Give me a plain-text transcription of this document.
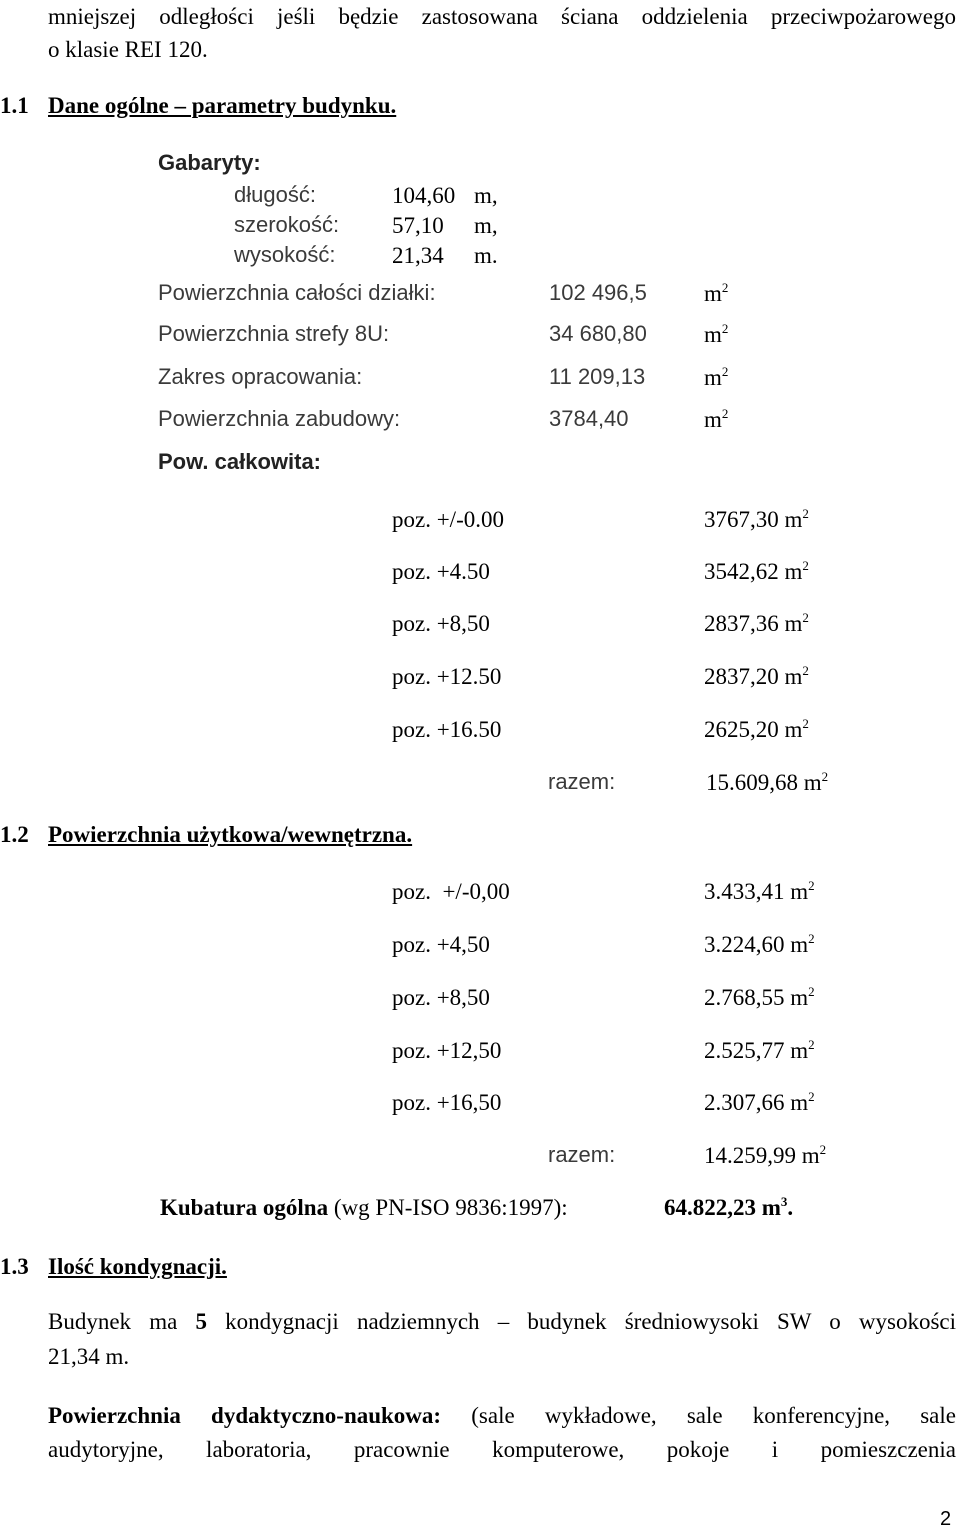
mniejszej odległości jeśli będzie zastosowana ściana oddzielenia przeciwpożarowego
o klasie REI 120.
1.1 Dane ogólne – parametry budynku.
Gabaryty:
długość:	104,60 m,
szerokość: 57,10 m,
wysokość: 21,34 m.
Powierzchnia całości działki:	102 496,5 $m^2$
Powierzchnia strefy 8U:	34 680,80 $m^2$
Zakres opracowania:	11 209,13	$m^2$
Powierzchnia zabudowy:	3784,40	$m^2$
Pow. całkowita:
poz. +/-0.00	3767,30 $m^2$
poz. +4.50	3542,62 $m^2$
poz. +8,50	2837,36 $m^2$
poz. +12.50	2837,20 $m^2$
poz. +16.50	2625,20 $m^2$
razem:	15.609,68 $m^2$
1.2 Powierzchnia użytkowa/wewnętrzna.
poz.  +/-0,00	3.433,41 $m^2$
poz. +4,50	3.224,60 $m^2$
poz. +8,50	2.768,55 $m^2$
poz. +12,50	2.525,77 $m^2$
poz. +16,50	2.307,66 $m^2$
razem:	14.259,99 $m^2$
Kubatura ogólna (wg PN-ISO 9836:1997):	64.822,23 $m^3$.
1.3 Ilość kondygnacji.
Budynek ma 5 kondygnacji nadziemnych – budynek średniowysoki SW o wysokości
21,34 m.
Powierzchnia dydaktyczno-naukowa: (sale wykładowe, sale konferencyjne, sale
audytoryjne, laboratoria, pracownie komputerowe, pokoje i pomieszczenia
2
